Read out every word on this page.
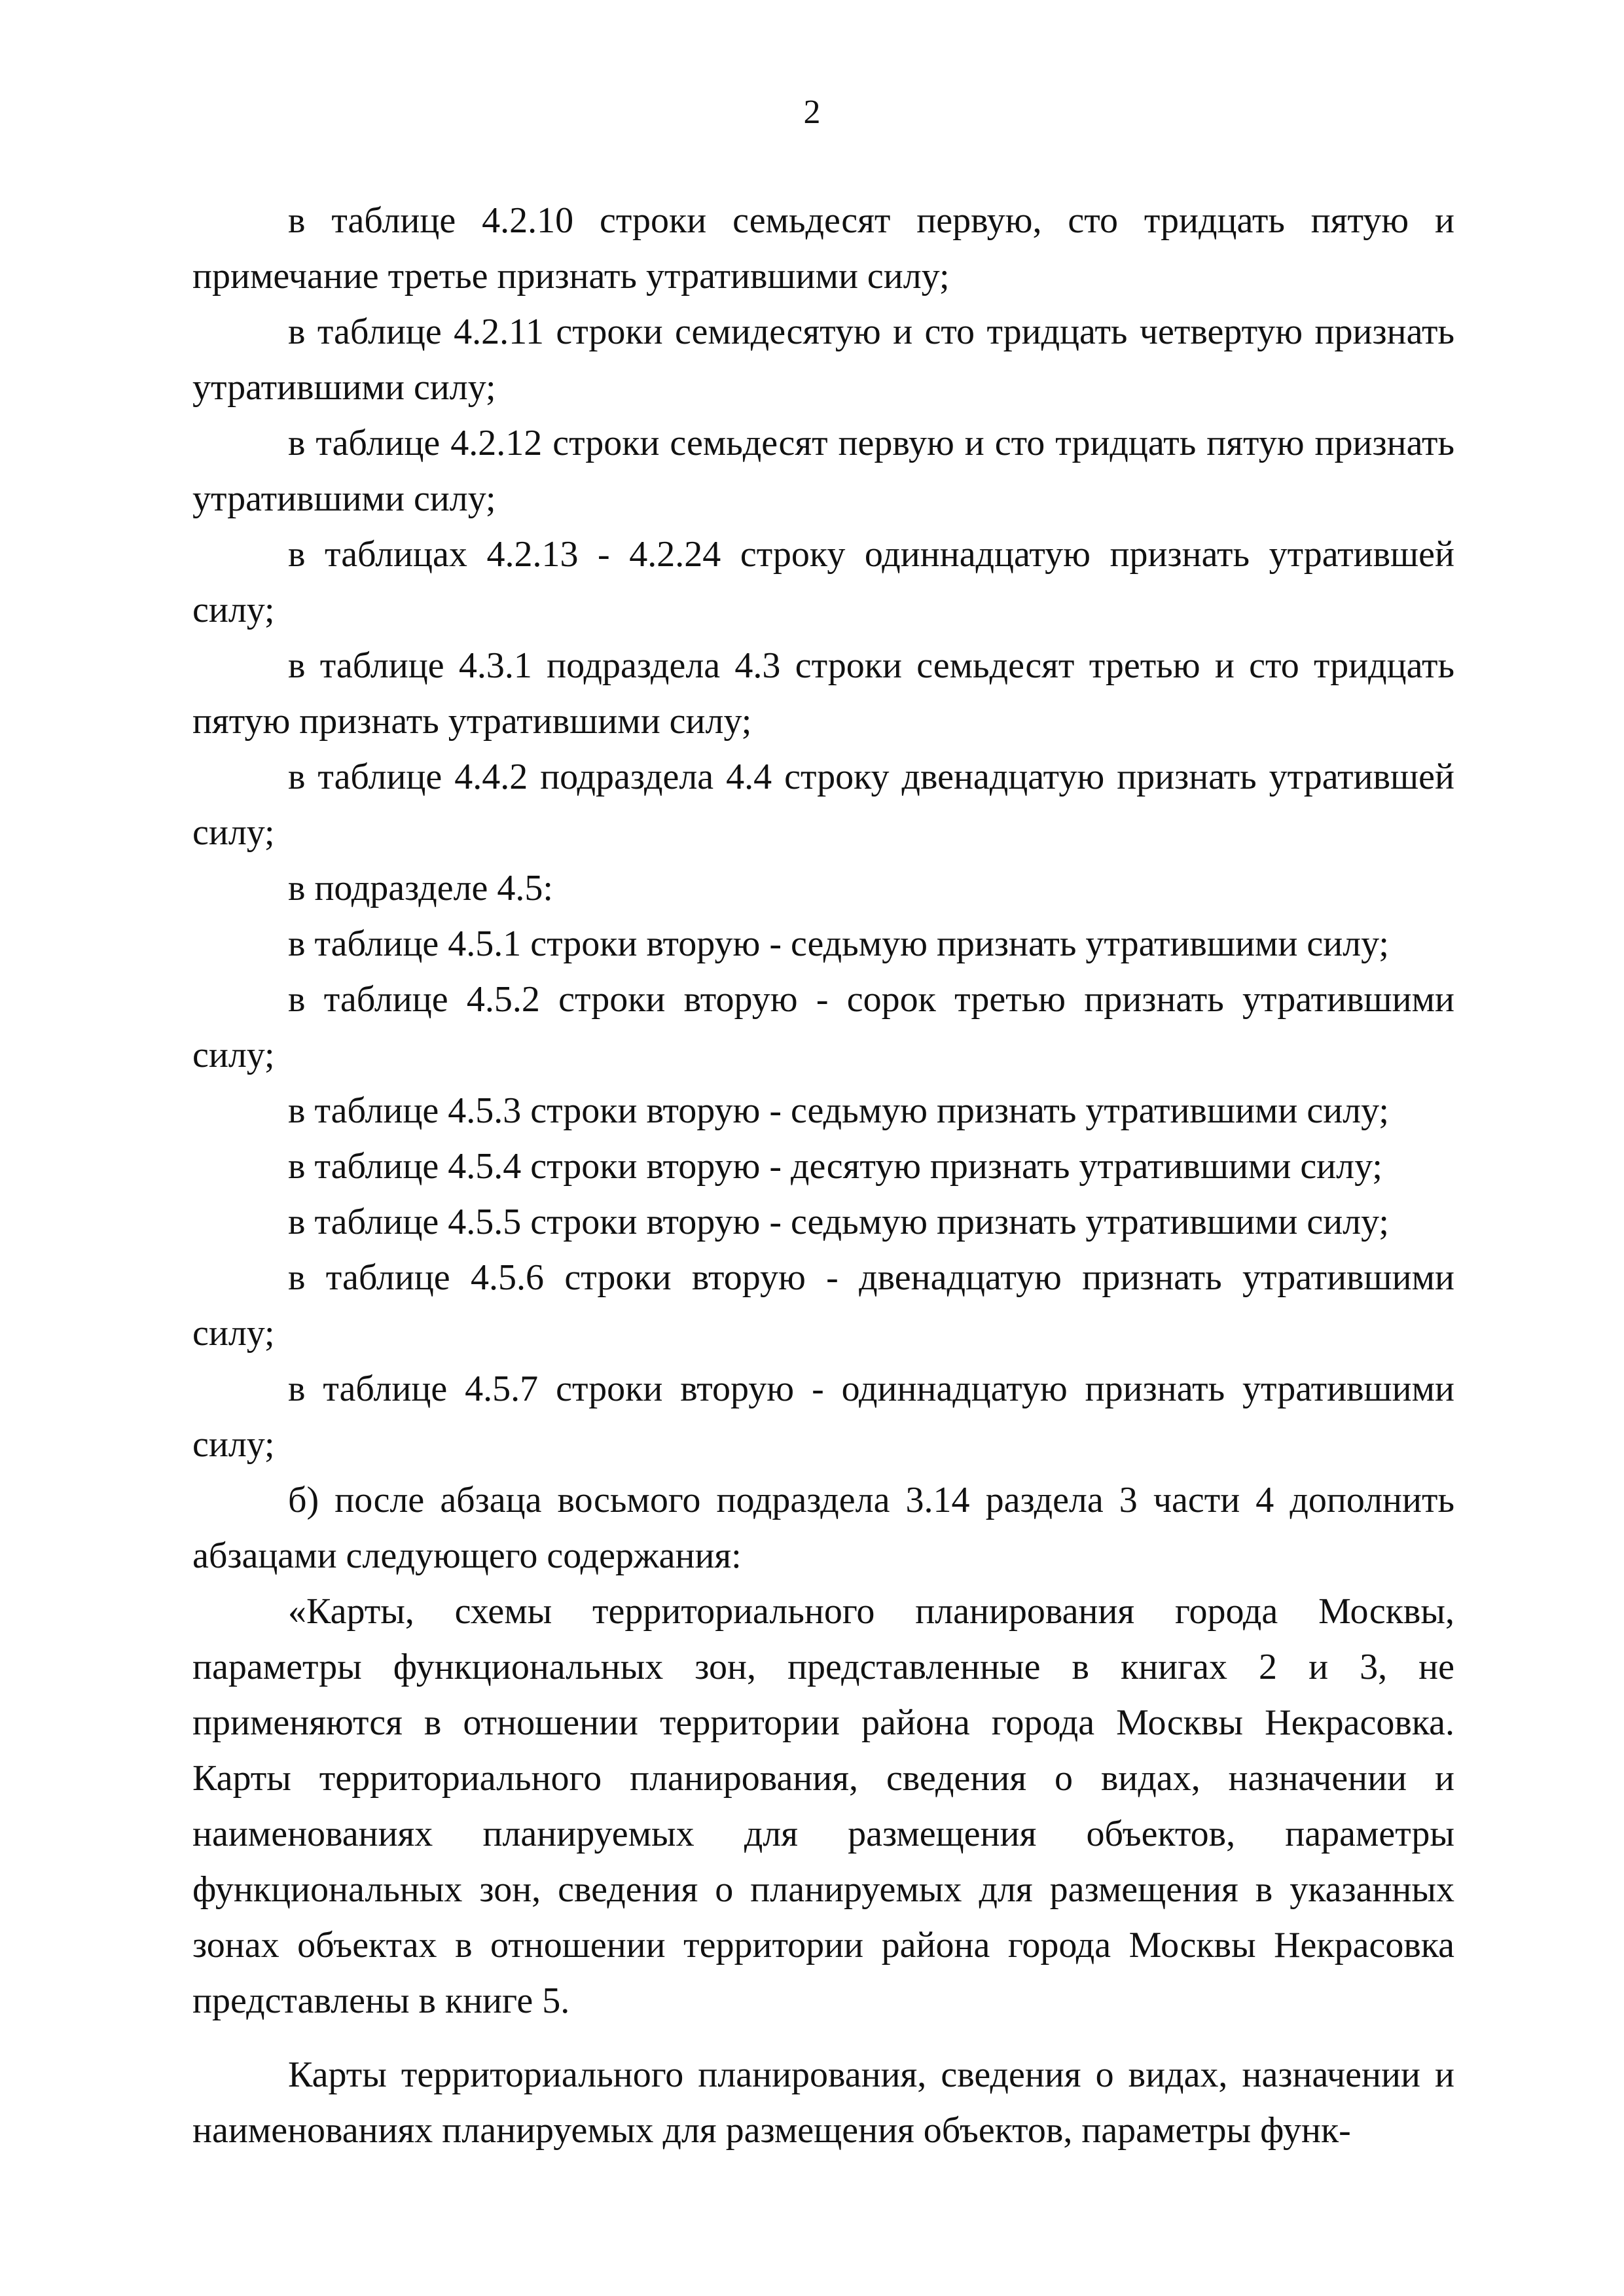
2

в таблице 4.2.10 строки семьдесят первую, сто тридцать пятую и примечание третье признать утратившими силу;

в таблице 4.2.11 строки семидесятую и сто тридцать четвертую признать утратившими силу;

в таблице 4.2.12 строки семьдесят первую и сто тридцать пятую признать утратившими силу;

в таблицах 4.2.13 - 4.2.24 строку одиннадцатую признать утратившей силу;

в таблице 4.3.1 подраздела 4.3 строки семьдесят третью и сто тридцать пятую признать утратившими силу;

в таблице 4.4.2 подраздела 4.4 строку двенадцатую признать утратившей силу;

в подразделе 4.5:

в таблице 4.5.1 строки вторую - седьмую признать утратившими силу;

в таблице 4.5.2 строки вторую - сорок третью признать утратившими силу;

в таблице 4.5.3 строки вторую - седьмую признать утратившими силу;

в таблице 4.5.4 строки вторую - десятую признать утратившими силу;

в таблице 4.5.5 строки вторую - седьмую признать утратившими силу;

в таблице 4.5.6 строки вторую - двенадцатую признать утратившими силу;

в таблице 4.5.7 строки вторую - одиннадцатую признать утратившими силу;

б) после абзаца восьмого подраздела 3.14 раздела 3 части 4 дополнить абзацами следующего содержания:

«Карты, схемы территориального планирования города Москвы, параметры функциональных зон, представленные в книгах 2 и 3, не применяются в отношении территории района города Москвы Некрасовка. Карты территориального планирования, сведения о видах, назначении и наименованиях планируемых для размещения объектов, параметры функциональных зон, сведения о планируемых для размещения в указанных зонах объектах в отношении территории района города Москвы Некрасовка представлены в книге 5.

Карты территориального планирования, сведения о видах, назначении и наименованиях планируемых для размещения объектов, параметры функ-
